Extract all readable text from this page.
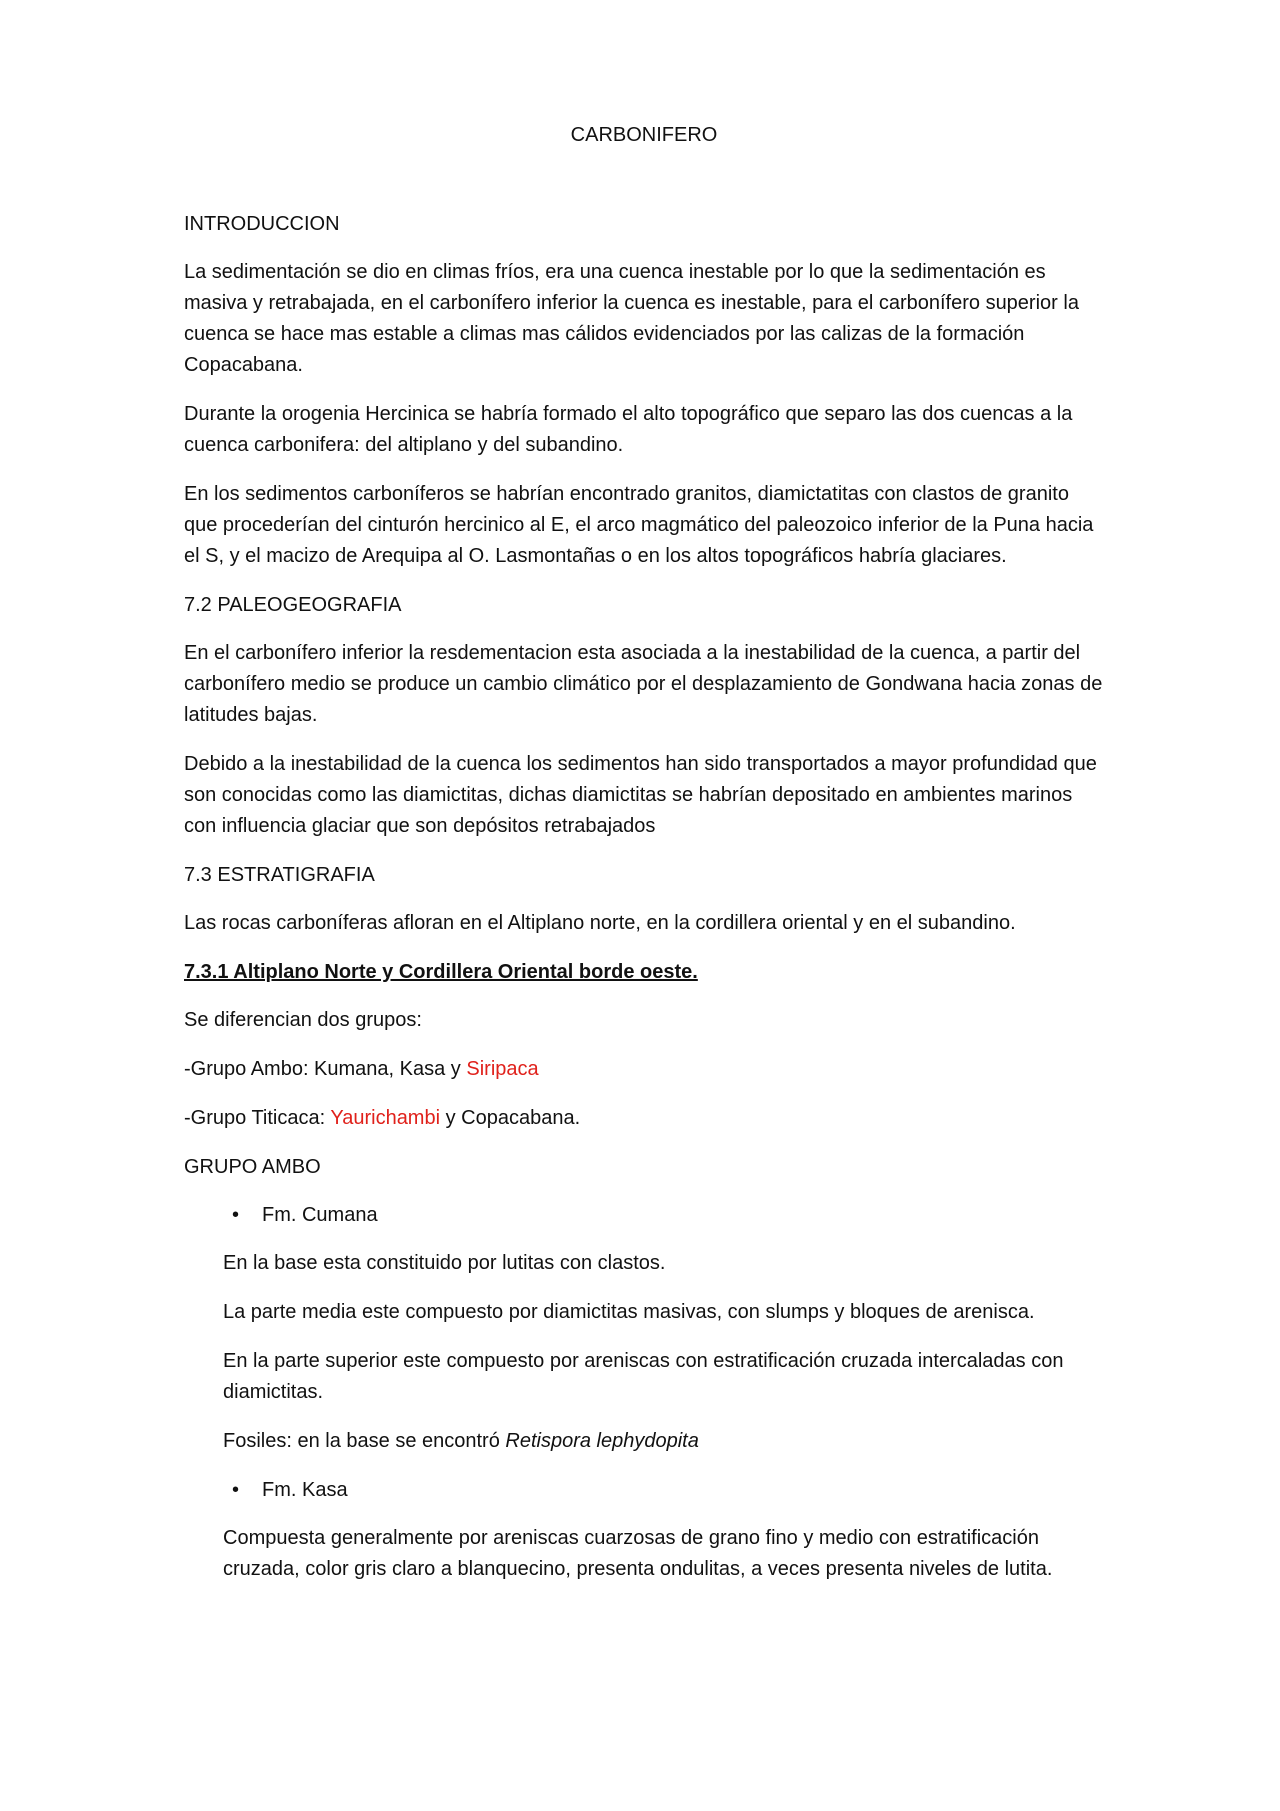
CARBONIFERO

INTRODUCCION

La sedimentación se dio en climas fríos, era una cuenca inestable por lo que la sedimentación es masiva y retrabajada, en el carbonífero inferior la cuenca es inestable, para el carbonífero superior la cuenca se hace mas estable a climas mas cálidos evidenciados por las calizas de la formación Copacabana.

Durante la orogenia Hercinica se habría formado el alto topográfico que separo las dos cuencas a la cuenca carbonifera: del altiplano y del subandino.

En los sedimentos carboníferos se habrían encontrado granitos, diamictatitas con clastos de granito que procederían del cinturón hercinico al E, el arco magmático del paleozoico inferior de la Puna hacia el S, y el macizo de Arequipa al O. Lasmontañas o en los altos topográficos habría glaciares.

7.2 PALEOGEOGRAFIA

En el carbonífero inferior la resdementacion esta asociada a la inestabilidad de la cuenca, a partir del carbonífero medio se produce un cambio climático por el desplazamiento de Gondwana hacia zonas de latitudes bajas.

Debido a la inestabilidad de la cuenca los sedimentos han sido transportados a mayor profundidad que son conocidas como las diamictitas, dichas diamictitas se habrían depositado en ambientes marinos con influencia glaciar que son depósitos retrabajados

7.3 ESTRATIGRAFIA

Las rocas carboníferas afloran en el Altiplano norte, en la cordillera oriental y en el subandino.

7.3.1 Altiplano Norte y Cordillera Oriental borde oeste.

Se diferencian dos grupos:

-Grupo Ambo: Kumana, Kasa y Siripaca

-Grupo Titicaca: Yaurichambi y Copacabana.

GRUPO AMBO

• Fm. Cumana

En la base esta constituido por lutitas con clastos.

La parte media este compuesto por diamictitas masivas, con slumps y bloques de arenisca.

En la parte superior este compuesto por areniscas con estratificación cruzada intercaladas con diamictitas.

Fosiles: en la base se encontró Retispora lephydopita

• Fm. Kasa

Compuesta generalmente por areniscas cuarzosas de grano fino y medio con estratificación cruzada, color gris claro a blanquecino, presenta ondulitas, a veces presenta niveles de lutita.
